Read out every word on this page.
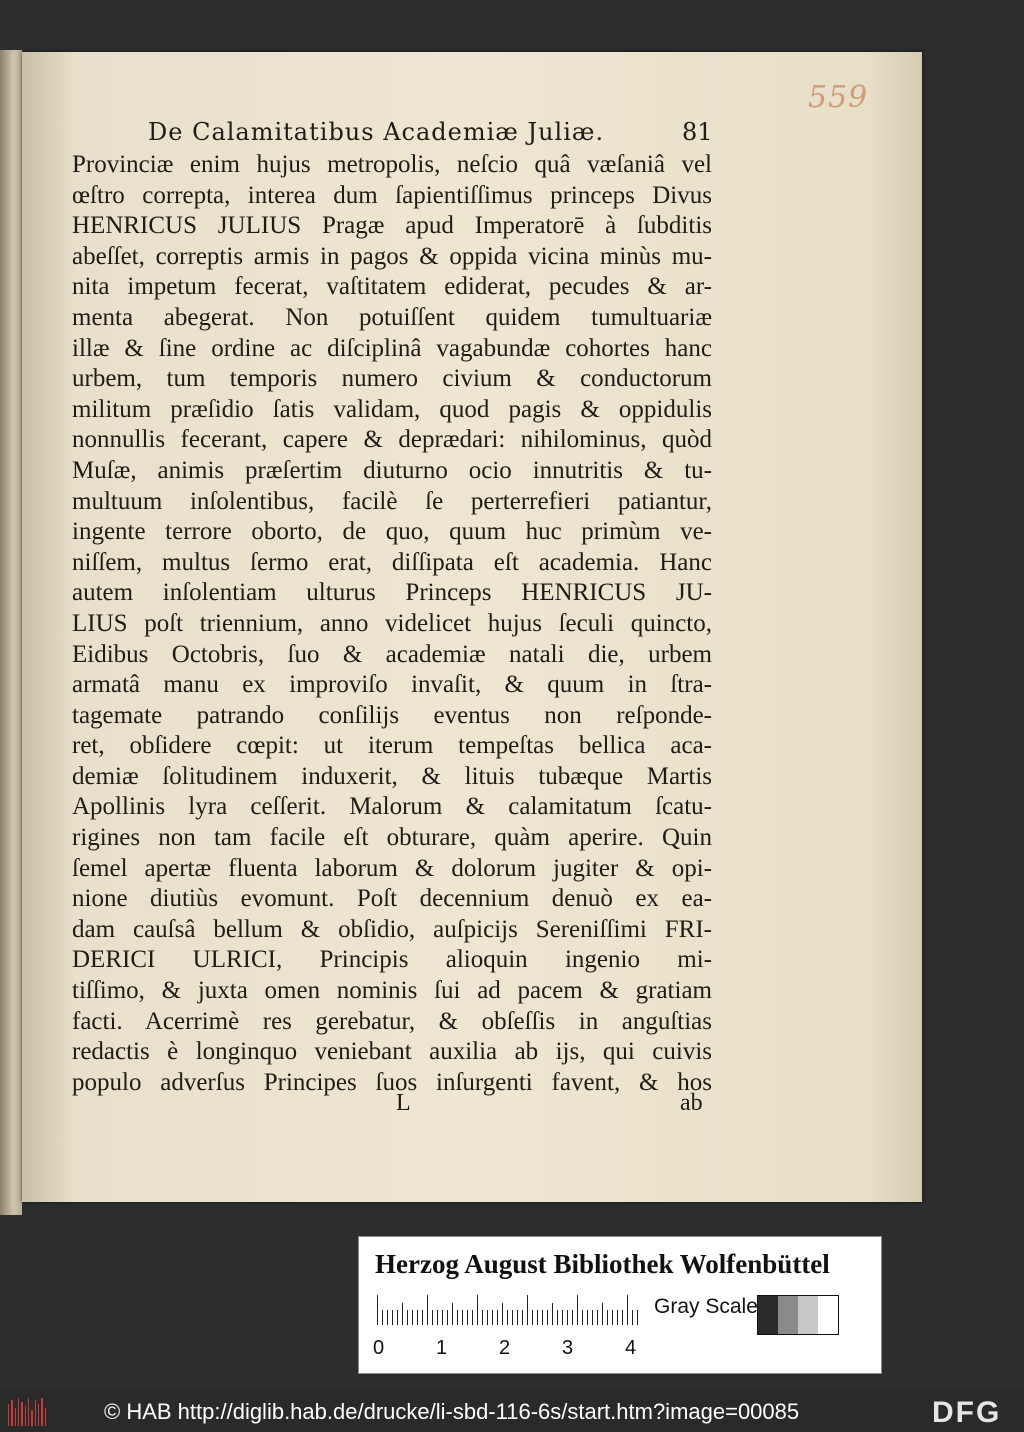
559
De Calamitatibus Academiæ Juliæ.	81
Provinciæ enim hujus metropolis, neſcio quâ væſaniâ vel
œſtro correpta, interea dum ſapientiſſimus princeps Divus
HENRICUS JULIUS Pragæ apud Imperatorē à ſubditis
abeſſet, correptis armis in pagos & oppida vicina minùs mu-
nita impetum fecerat, vaſtitatem ediderat, pecudes & ar-
menta abegerat. Non potuiſſent quidem tumultuariæ
illæ & ſine ordine ac diſciplinâ vagabundæ cohortes hanc
urbem, tum temporis numero civium & conductorum
militum præſidio ſatis validam, quod pagis & oppidulis
nonnullis fecerant, capere & deprædari: nihilominus, quòd
Muſæ, animis præſertim diuturno ocio innutritis & tu-
multuum inſolentibus, facilè ſe perterrefieri patiantur,
ingente terrore oborto, de quo, quum huc primùm ve-
niſſem, multus ſermo erat, diſſipata eſt academia. Hanc
autem inſolentiam ulturus Princeps HENRICUS JU-
LIUS poſt triennium, anno videlicet hujus ſeculi quincto,
Eidibus Octobris, ſuo & academiæ natali die, urbem
armatâ manu ex improviſo invaſit, & quum in ſtra-
tagemate patrando conſilijs eventus non reſponde-
ret, obſidere cœpit: ut iterum tempeſtas bellica aca-
demiæ ſolitudinem induxerit, & lituis tubæque Martis
Apollinis lyra ceſſerit. Malorum & calamitatum ſcatu-
rigines non tam facile eſt obturare, quàm aperire. Quin
ſemel apertæ fluenta laborum & dolorum jugiter & opi-
nione diutiùs evomunt. Poſt decennium denuò ex ea-
dam cauſsâ bellum & obſidio, auſpicijs Sereniſſimi FRI-
DERICI ULRICI, Principis alioquin ingenio mi-
tiſſimo, & juxta omen nominis ſui ad pacem & gratiam
facti. Acerrimè res gerebatur, & obſeſſis in anguſtias
redactis è longinquo veniebant auxilia ab ijs, qui cuivis
populo adverſus Principes ſuos inſurgenti favent, & hos
L	ab
Herzog August Bibliothek Wolfenbüttel
0	1	2	3	4
Gray Scale
© HAB http://diglib.hab.de/drucke/li-sbd-116-6s/start.htm?image=00085	DFG
